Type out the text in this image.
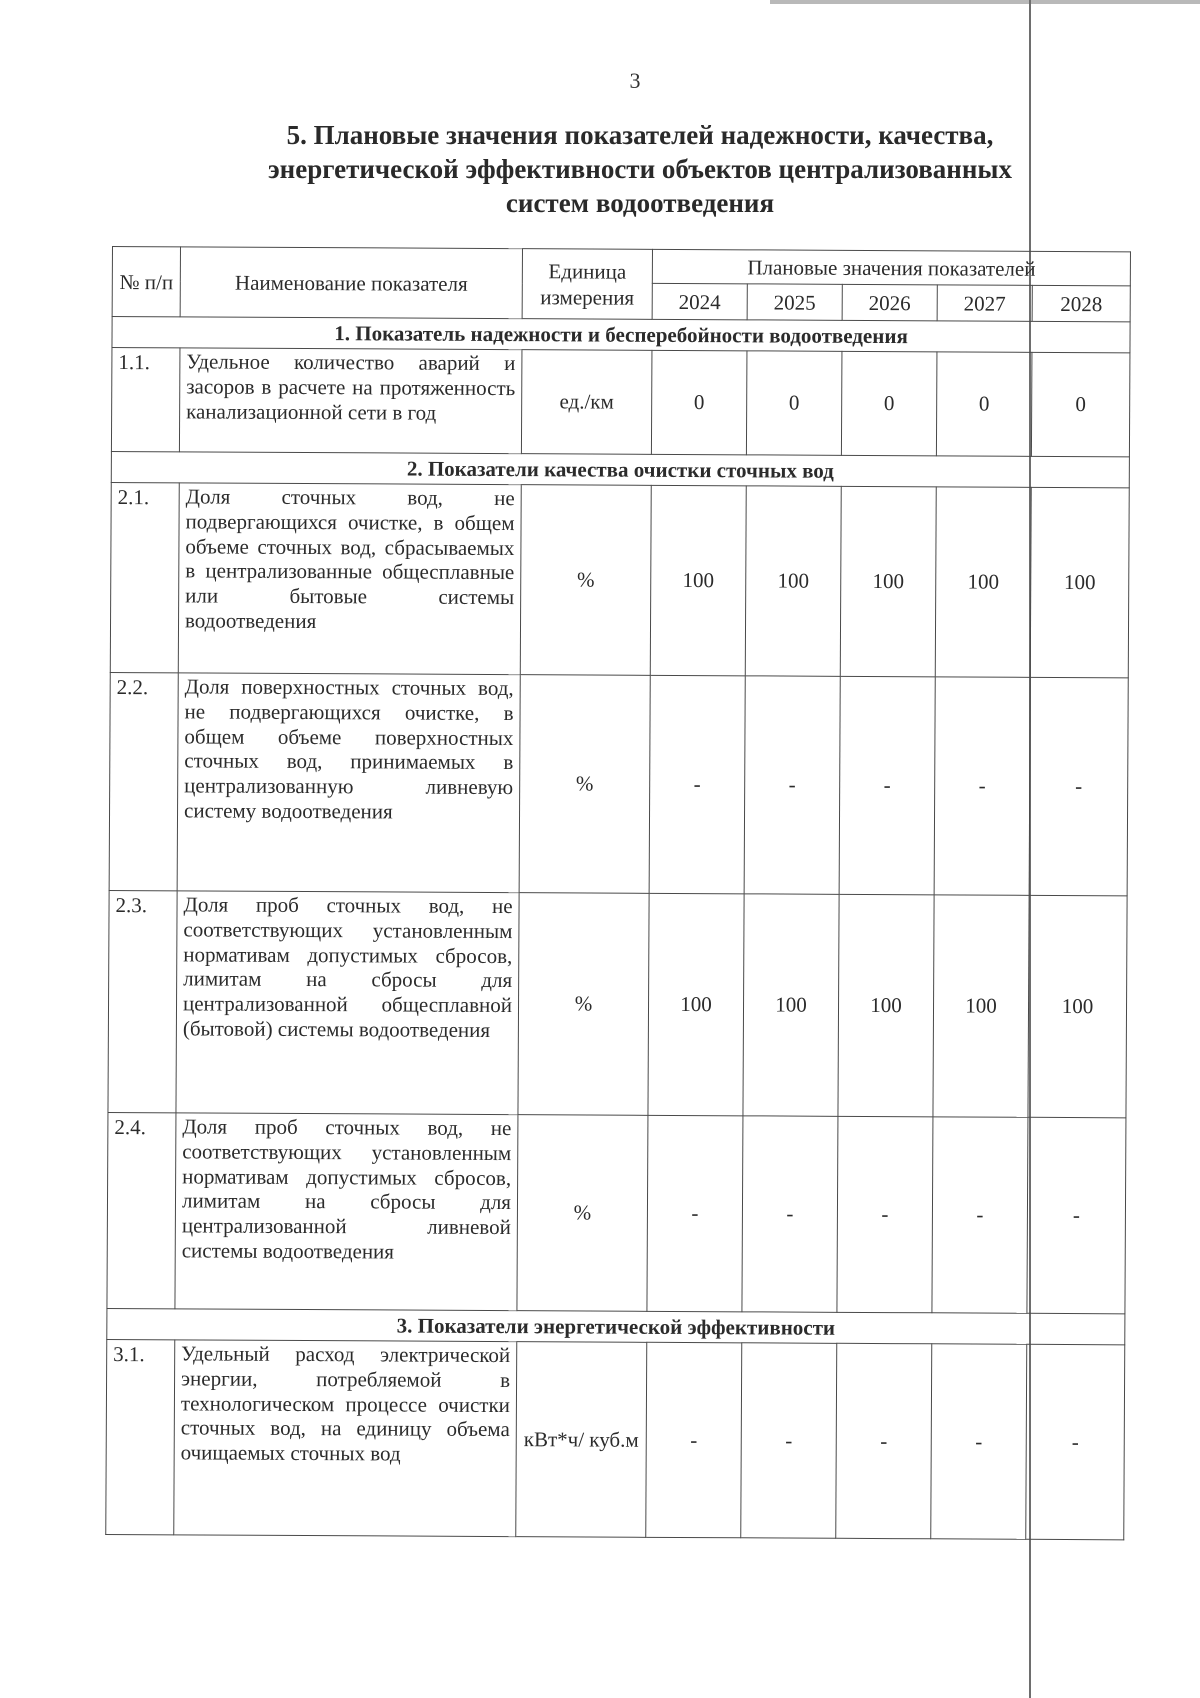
3
5. Плановые значения показателей надежности, качества,
энергетической эффективности объектов централизованных
систем водоотведения
№ п/п	Наименование показателя	Единица измерения	Плановые значения показателей				
			2024	2025	2026	2027	2028
1. Показатель надежности и бесперебойности водоотведения							
1.1.	Удельное количество аварий и засоров в расчете на протяженность канализационной сети в год	ед./км	0	0	0	0	0
2. Показатели качества очистки сточных вод							
2.1.	Доля сточных вод, не подвергающихся очистке, в общем объеме сточных вод, сбрасываемых в централизованные общесплавные или бытовые системы водоотведения	%	100	100	100	100	100
2.2.	Доля поверхностных сточных вод, не подвергающихся очистке, в общем объеме поверхностных сточных вод, принимаемых в централизованную ливневую систему водоотведения	%	-	-	-	-	-
2.3.	Доля проб сточных вод, не соответствующих установленным нормативам допустимых сбросов, лимитам на сбросы для централизованной общесплавной (бытовой) системы водоотведения	%	100	100	100	100	100
2.4.	Доля проб сточных вод, не соответствующих установленным нормативам допустимых сбросов, лимитам на сбросы для централизованной ливневой системы водоотведения	%	-	-	-	-	-
3. Показатели энергетической эффективности							
3.1.	Удельный расход электрической энергии, потребляемой в технологическом процессе очистки сточных вод, на единицу объема очищаемых сточных вод	кВт*ч/ куб.м	-	-	-	-	-
